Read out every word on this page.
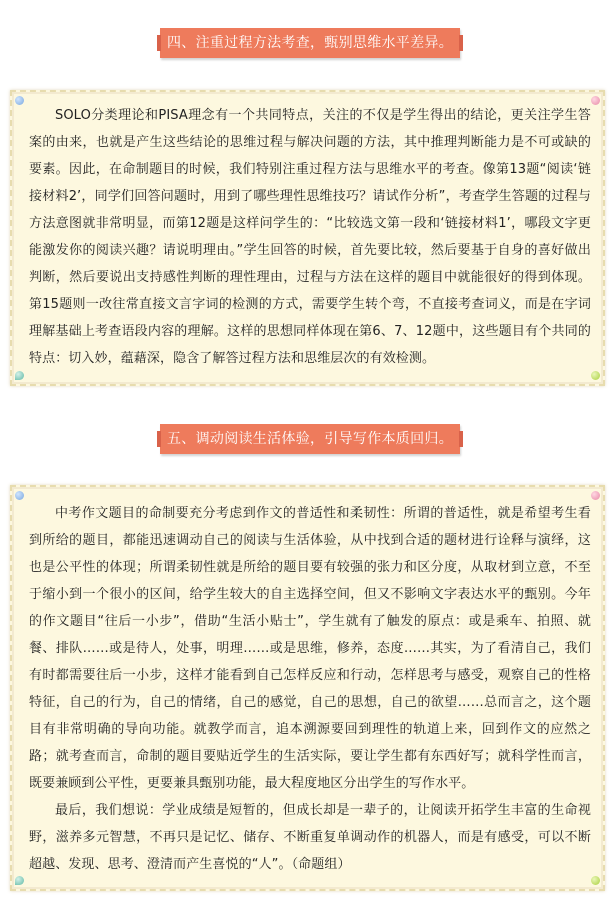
四、注重过程方法考查，甄别思维水平差异。

SOLO分类理论和PISA理念有一个共同特点，关注的不仅是学生得出的结论，更关注学生答案的由来，也就是产生这些结论的思维过程与解决问题的方法，其中推理判断能力是不可或缺的要素。因此，在命制题目的时候，我们特别注重过程方法与思维水平的考查。像第13题“阅读‘链接材料2’，同学们回答问题时，用到了哪些理性思维技巧？请试作分析”，考查学生答题的过程与方法意图就非常明显，而第12题是这样问学生的：“比较选文第一段和‘链接材料1’，哪段文字更能激发你的阅读兴趣？请说明理由。”学生回答的时候，首先要比较，然后要基于自身的喜好做出判断，然后要说出支持感性判断的理性理由，过程与方法在这样的题目中就能很好的得到体现。第15题则一改往常直接文言字词的检测的方式，需要学生转个弯，不直接考查词义，而是在字词理解基础上考查语段内容的理解。这样的思想同样体现在第6、7、12题中，这些题目有个共同的特点：切入妙，蕴藉深，隐含了解答过程方法和思维层次的有效检测。

五、调动阅读生活体验，引导写作本质回归。

中考作文题目的命制要充分考虑到作文的普适性和柔韧性：所谓的普适性，就是希望考生看到所给的题目，都能迅速调动自己的阅读与生活体验，从中找到合适的题材进行诠释与演绎，这也是公平性的体现；所谓柔韧性就是所给的题目要有较强的张力和区分度，从取材到立意，不至于缩小到一个很小的区间，给学生较大的自主选择空间，但又不影响文字表达水平的甄别。今年的作文题目“往后一小步”，借助“生活小贴士”，学生就有了触发的原点：或是乘车、拍照、就餐、排队……或是待人，处事，明理……或是思维，修养，态度……其实，为了看清自己，我们有时都需要往后一小步，这样才能看到自己怎样反应和行动，怎样思考与感受，观察自己的性格特征，自己的行为，自己的情绪，自己的感觉，自己的思想，自己的欲望……总而言之，这个题目有非常明确的导向功能。就教学而言，追本溯源要回到理性的轨道上来，回到作文的应然之路；就考查而言，命制的题目要贴近学生的生活实际，要让学生都有东西好写；就科学性而言，既要兼顾到公平性，更要兼具甄别功能，最大程度地区分出学生的写作水平。

最后，我们想说：学业成绩是短暂的，但成长却是一辈子的，让阅读开拓学生丰富的生命视野，滋养多元智慧，不再只是记忆、储存、不断重复单调动作的机器人，而是有感受，可以不断超越、发现、思考、澄清而产生喜悦的“人”。（命题组）
